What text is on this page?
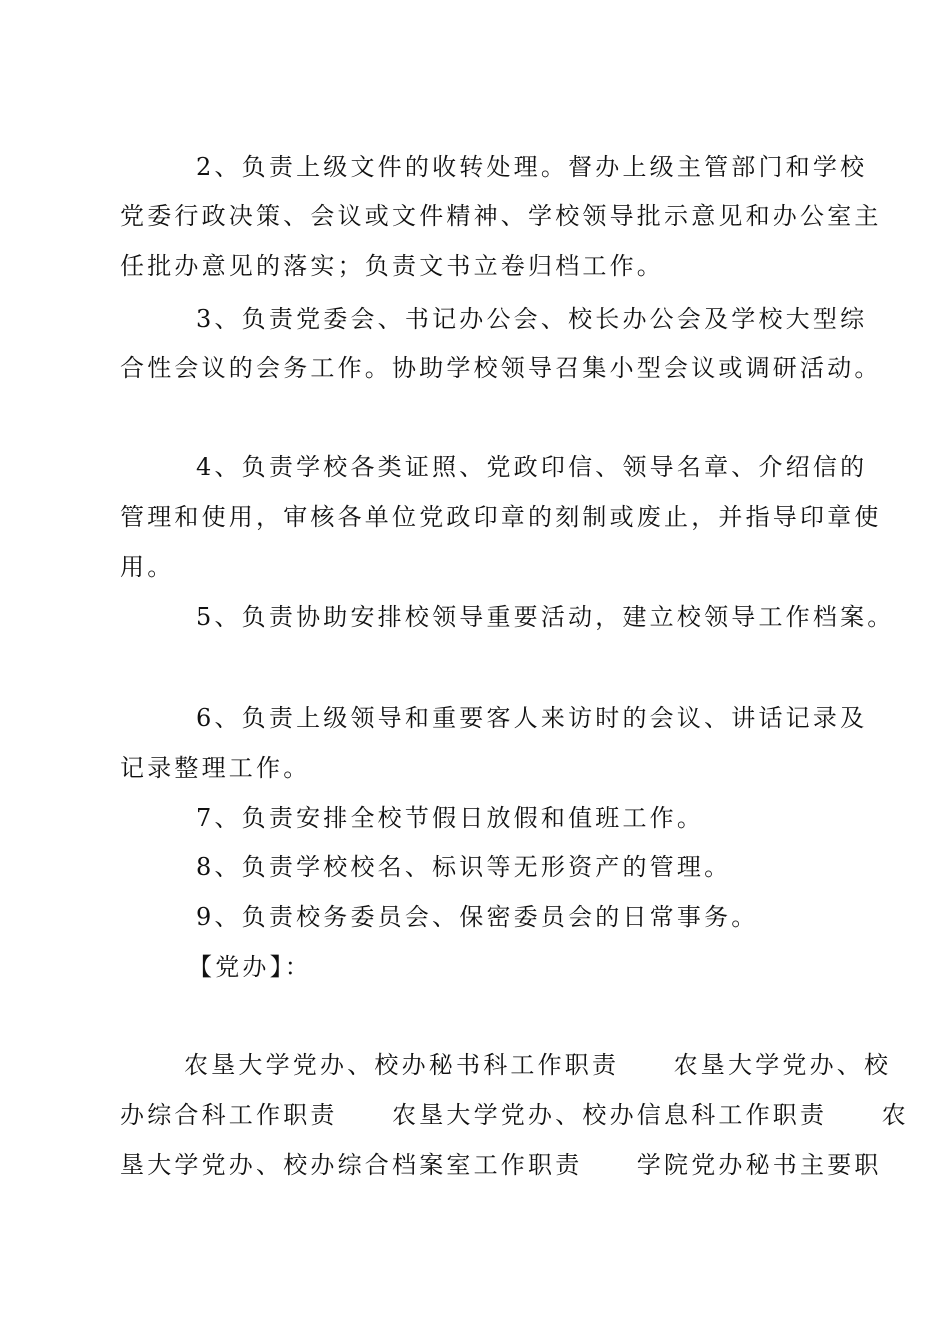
2、负责上级文件的收转处理。督办上级主管部门和学校
党委行政决策、会议或文件精神、学校领导批示意见和办公室主
任批办意见的落实；负责文书立卷归档工作。
3、负责党委会、书记办公会、校长办公会及学校大型综
合性会议的会务工作。协助学校领导召集小型会议或调研活动。
4、负责学校各类证照、党政印信、领导名章、介绍信的
管理和使用，审核各单位党政印章的刻制或废止，并指导印章使
用。
5、负责协助安排校领导重要活动，建立校领导工作档案。
6、负责上级领导和重要客人来访时的会议、讲话记录及
记录整理工作。
7、负责安排全校节假日放假和值班工作。
8、负责学校校名、标识等无形资产的管理。
9、负责校务委员会、保密委员会的日常事务。
【党办】：
农垦大学党办、校办秘书科工作职责　　农垦大学党办、校
办综合科工作职责　　农垦大学党办、校办信息科工作职责　　农
垦大学党办、校办综合档案室工作职责　　学院党办秘书主要职
